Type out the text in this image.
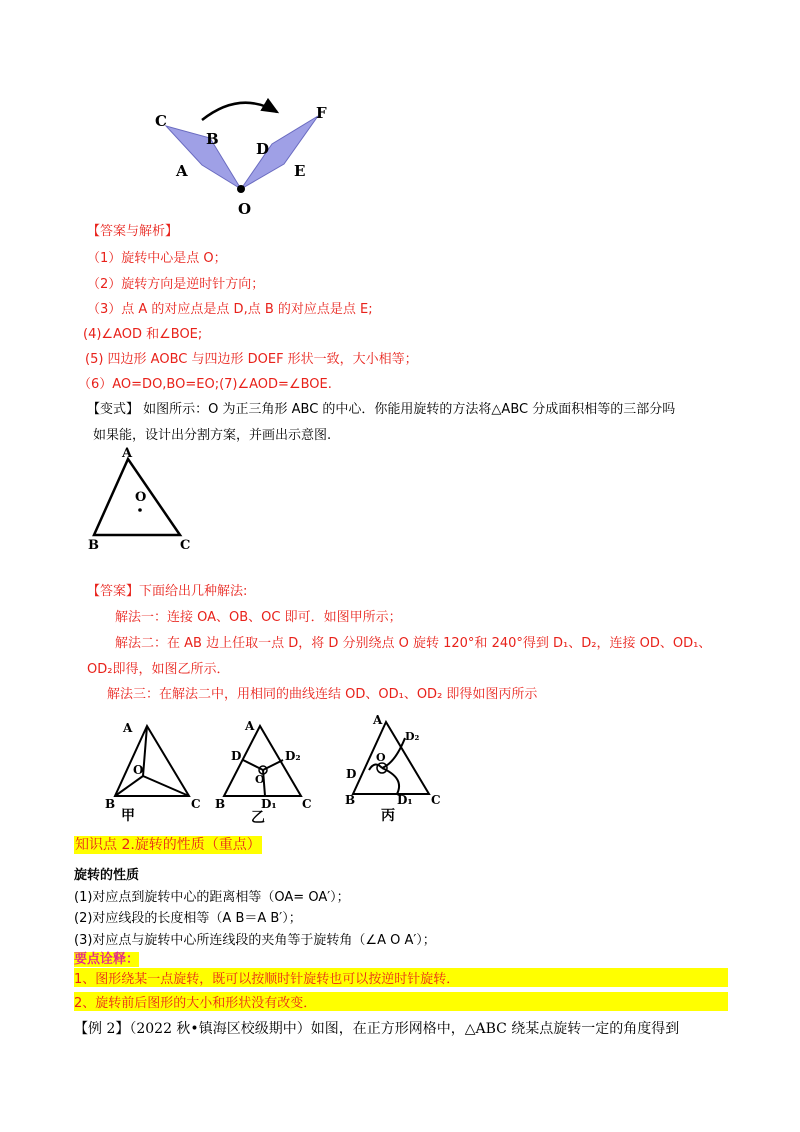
C
B
A
D
F
E
O
【答案与解析】
（1）旋转中心是点 O；
（2）旋转方向是逆时针方向；
（3）点 A 的对应点是点 D,点 B 的对应点是点 E;
(4)∠AOD 和∠BOE;
(5) 四边形 AOBC 与四边形 DOEF 形状一致，大小相等；
（6）AO=DO,BO=EO;(7)∠AOD=∠BOE.
【变式】 如图所示：O 为正三角形 ABC 的中心．你能用旋转的方法将△ABC 分成面积相等的三部分吗
如果能，设计出分割方案，并画出示意图.
A
O
B	C
【答案】下面给出几种解法:
解法一：连接 OA、OB、OC 即可．如图甲所示；
解法二：在 AB 边上任取一点 D，将 D 分别绕点 O 旋转 120°和 240°得到 D₁、D₂，连接 OD、OD₁、
OD₂即得，如图乙所示．
解法三：在解法二中，用相同的曲线连结 OD、OD₁、OD₂ 即得如图丙所示
A
O
B	C
甲
A
D	D₂
O
B	D₁ C
乙
A
D₂
D
O
B	D₁ C
丙
知识点 2.旋转的性质（重点）
旋转的性质
(1)对应点到旋转中心的距离相等（OA= OA′）；
(2)对应线段的长度相等（A B＝A B′）；
(3)对应点与旋转中心所连线段的夹角等于旋转角（∠A O A′）；
要点诠释：
1、图形绕某一点旋转，既可以按顺时针旋转也可以按逆时针旋转．
2、旋转前后图形的大小和形状没有改变．
【例 2】（2022 秋•镇海区校级期中）如图，在正方形网格中，△ABC 绕某点旋转一定的角度得到
